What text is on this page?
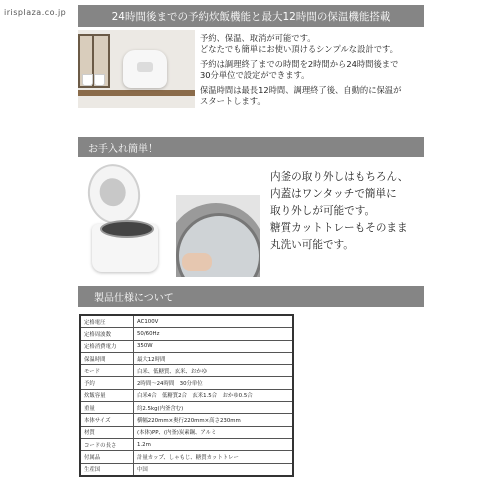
irisplaza.co.jp	24時間後までの予約炊飯機能と最大12時間の保温機能搭載
予約、保温、取消が可能です。
どなたでも簡単にお使い頂けるシンプルな設計です。
予約は調理終了までの時間を2時間から24時間後まで
30分単位で設定ができます。
保温時間は最長12時間、調理終了後、自動的に保温が
スタートします。
お手入れ簡単！
内釜の取り外しはもちろん、
内蓋はワンタッチで簡単に
取り外しが可能です。
糖質カットトレーもそのまま
丸洗い可能です。
製品仕様について
定格電圧	AC100V
定格周波数	50/60Hz
定格消費電力	350W
保温時間	最大12時間
モード	白米、低糖質、玄米、おかゆ
予約	2時間〜24時間　30分単位
炊飯容量	白米4合　低糖質2合　玄米1.5合　おかゆ0.5合
重量	約2.5kg(内釜含む)
本体サイズ	横幅220mm×奥行220mm×高さ230mm
材質	(本体)PP、(内釜)炭素鋼、アルミ
コードの長さ	1.2m
付属品	計量カップ、しゃもじ、糖質カットトレー
生産国	中国
